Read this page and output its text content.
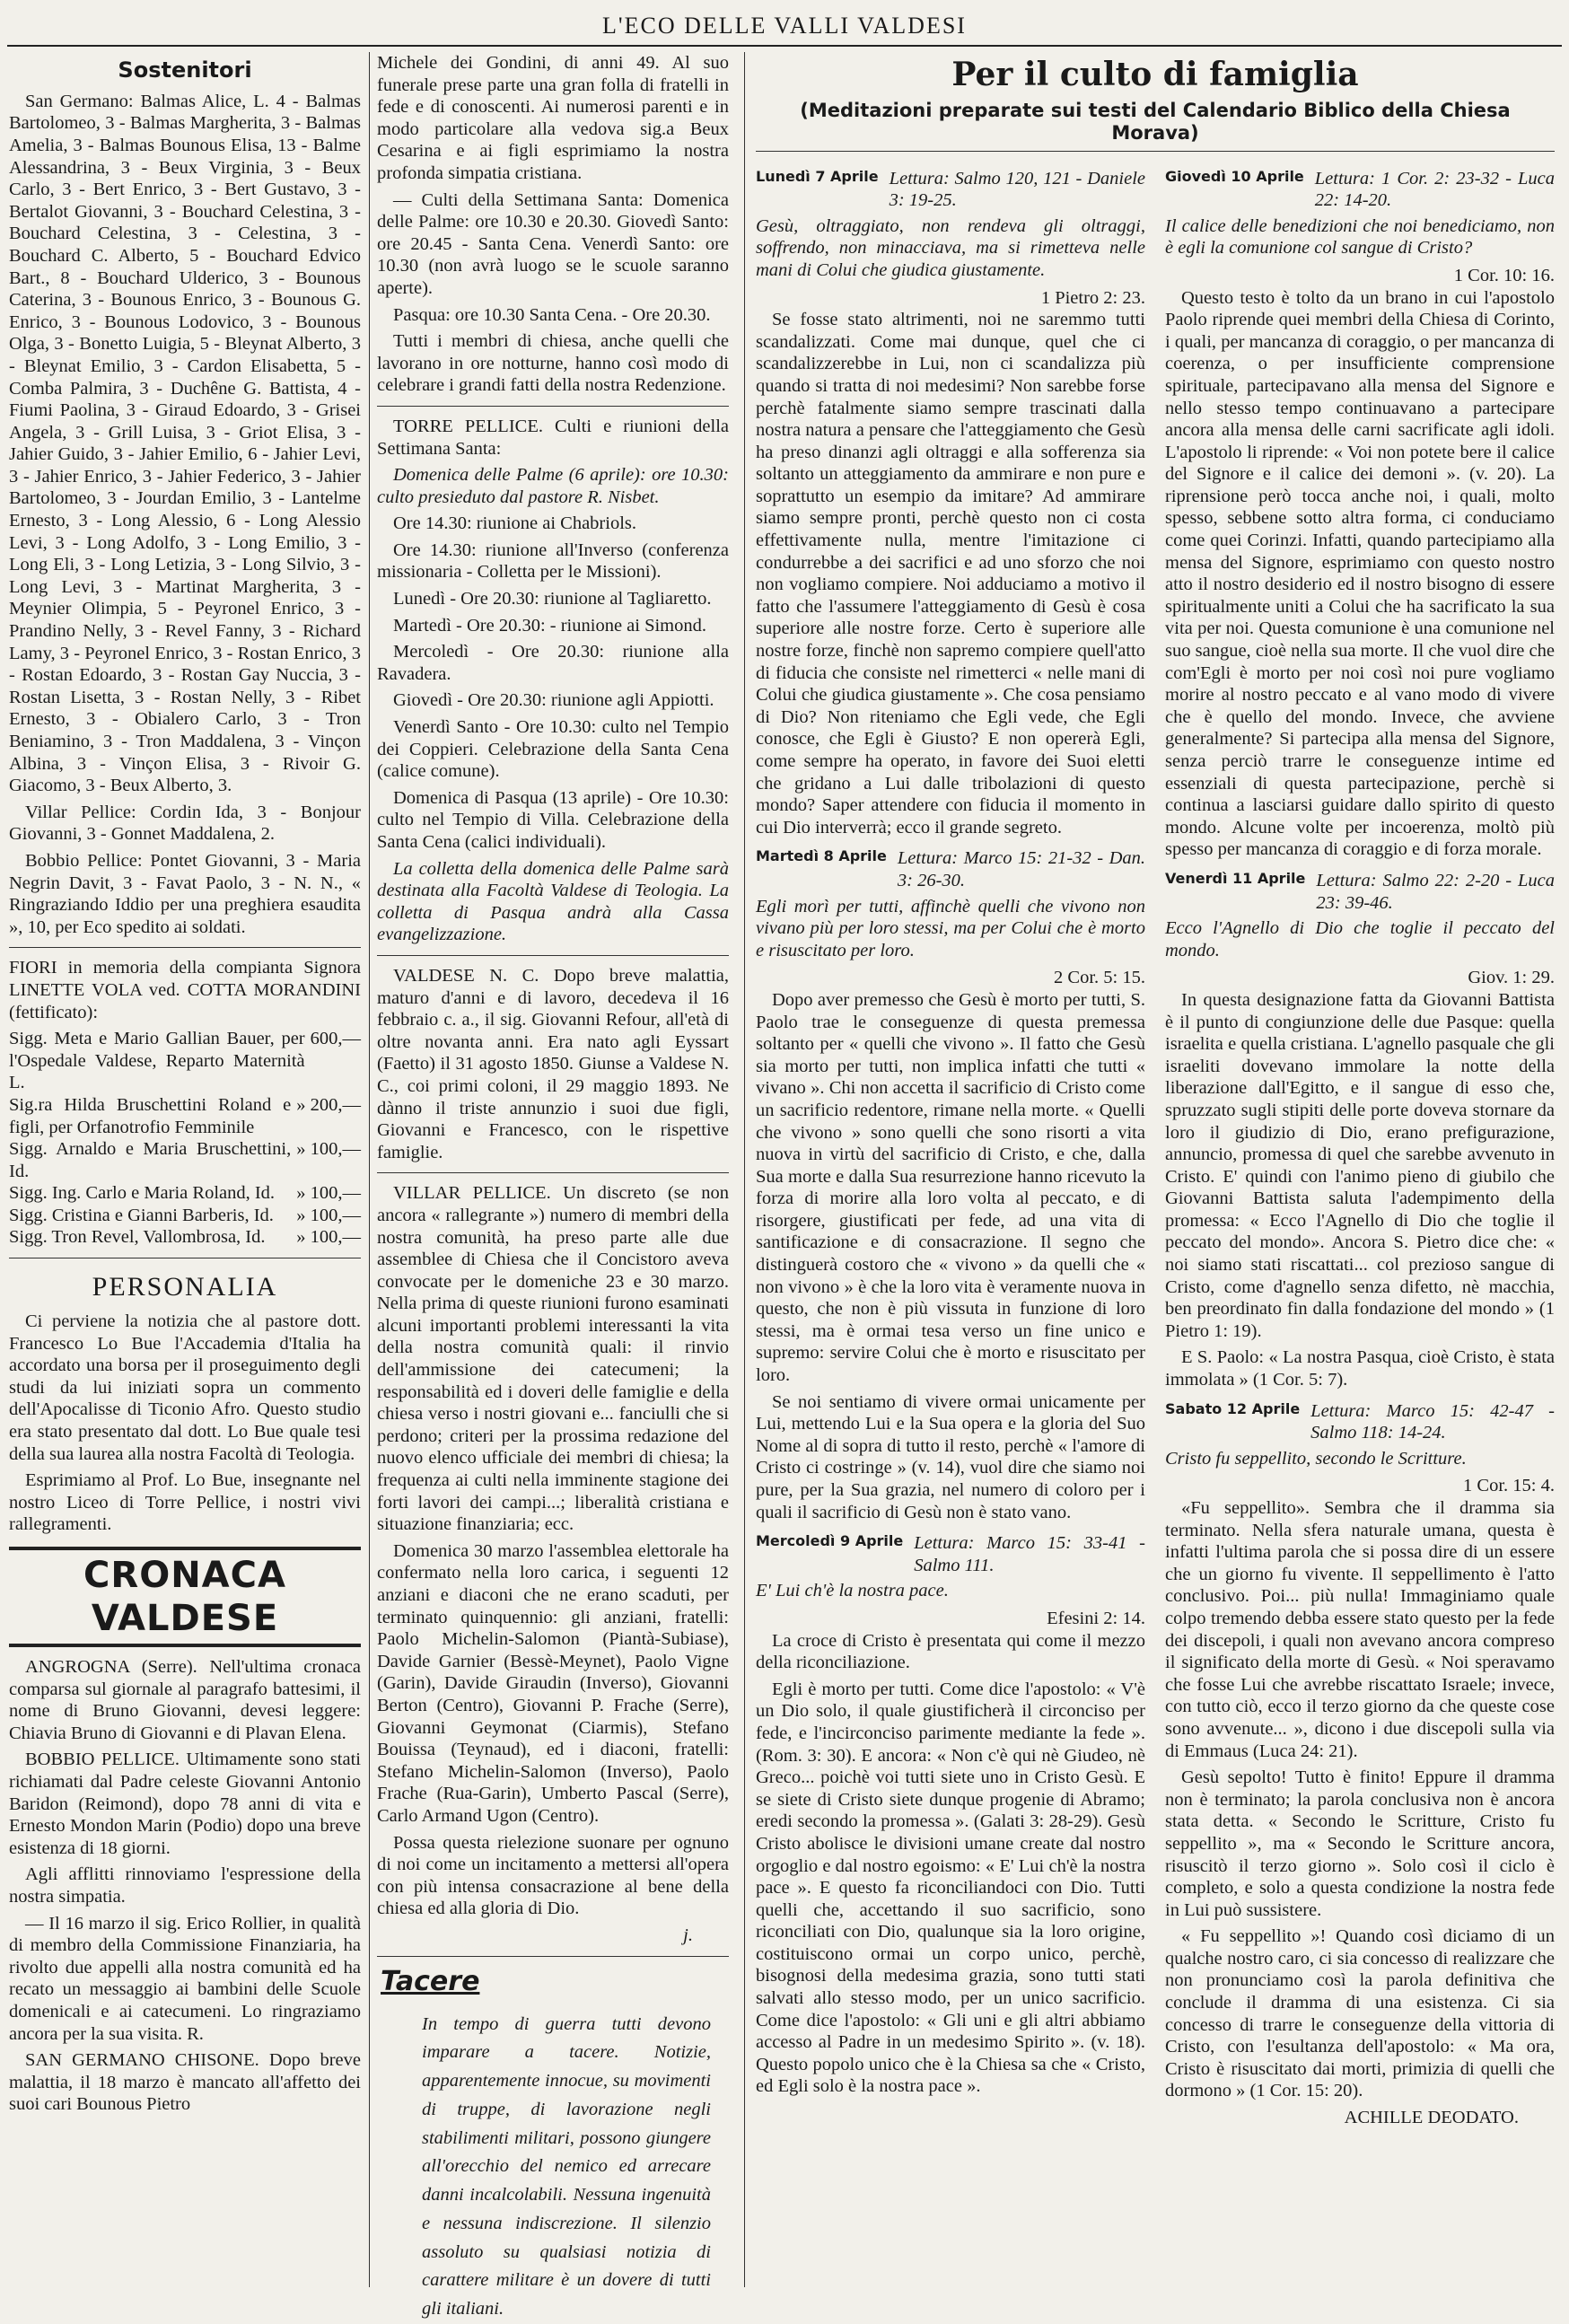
L'ECO DELLE VALLI VALDESI
Sostenitori

San Germano: Balmas Alice, L. 4 - Balmas Bartolomeo, 3 - Balmas Margherita, 3 - Balmas Amelia, 3 - Balmas Bounous Elisa, 13 - Balme Alessandrina, 3 - Beux Virginia, 3 - Beux Carlo, 3 - Bert Enrico, 3 - Bert Gustavo, 3 - Bertalot Giovanni, 3 - Bouchard Celestina, 3 - Bouchard Celestina, 3 - Celestina, 3 - Bouchard C. Alberto, 5 - Bouchard Edvico Bart., 8 - Bouchard Ulderico, 3 - Bounous Caterina, 3 - Bounous Enrico, 3 - Bounous G. Enrico, 3 - Bounous Lodovico, 3 - Bounous Olga, 3 - Bonetto Luigia, 5 - Bleynat Alberto, 3 - Bleynat Emilio, 3 - Cardon Elisabetta, 5 - Comba Palmira, 3 - Duchêne G. Battista, 4 - Fiumi Paolina, 3 - Giraud Edoardo, 3 - Grisei Angela, 3 - Grill Luisa, 3 - Griot Elisa, 3 - Jahier Guido, 3 - Jahier Emilio, 6 - Jahier Levi, 3 - Jahier Enrico, 3 - Jahier Federico, 3 - Jahier Bartolomeo, 3 - Jourdan Emilio, 3 - Lantelme Ernesto, 3 - Long Alessio, 6 - Long Alessio Levi, 3 - Long Adolfo, 3 - Long Emilio, 3 - Long Eli, 3 - Long Letizia, 3 - Long Silvio, 3 - Long Levi, 3 - Martinat Margherita, 3 - Meynier Olimpia, 5 - Peyronel Enrico, 3 - Prandino Nelly, 3 - Revel Fanny, 3 - Richard Lamy, 3 - Peyronel Enrico, 3 - Rostan Enrico, 3 - Rostan Edoardo, 3 - Rostan Gay Nuccia, 3 - Rostan Lisetta, 3 - Rostan Nelly, 3 - Ribet Ernesto, 3 - Obialero Carlo, 3 - Tron Beniamino, 3 - Tron Maddalena, 3 - Vinçon Albina, 3 - Vinçon Elisa, 3 - Rivoir G. Giacomo, 3 - Beux Alberto, 3.

Villar Pellice: Cordin Ida, 3 - Bonjour Giovanni, 3 - Gonnet Maddalena, 2.

Bobbio Pellice: Pontet Giovanni, 3 - Maria Negrin Davit, 3 - Favat Paolo, 3 - N. N., « Ringraziando Iddio per una preghiera esaudita », 10, per Eco spedito ai soldati.

FIORI in memoria della compianta Signora LINETTE VOLA ved. COTTA MORANDINI (fettificato):

Sigg. Meta e Mario Gallian Bauer, per l'Ospedale Valdese, Reparto Maternità L.
600,—
Sig.ra Hilda Bruschettini Roland e figli, per Orfanotrofio Femminile
» 200,—
Sigg. Arnaldo e Maria Bruschettini, Id.
» 100,—
Sigg. Ing. Carlo e Maria Roland, Id. » 100,—
Sigg. Cristina e Gianni Barberis, Id. » 100,—
Sigg. Tron Revel, Vallombrosa, Id. » 100,—
PERSONALIA

Ci perviene la notizia che al pastore dott. Francesco Lo Bue l'Accademia d'Italia ha accordato una borsa per il proseguimento degli studi da lui iniziati sopra un commento dell'Apocalisse di Ticonio Afro. Questo studio era stato presentato dal dott. Lo Bue quale tesi della sua laurea alla nostra Facoltà di Teologia.

Esprimiamo al Prof. Lo Bue, insegnante nel nostro Liceo di Torre Pellice, i nostri vivi rallegramenti.

CRONACA VALDESE

ANGROGNA (Serre). Nell'ultima cronaca comparsa sul giornale al paragrafo battesimi, il nome di Bruno Giovanni, devesi leggere: Chiavia Bruno di Giovanni e di Plavan Elena.

BOBBIO PELLICE. Ultimamente sono stati richiamati dal Padre celeste Giovanni Antonio Baridon (Reimond), dopo 78 anni di vita e Ernesto Mondon Marin (Podio) dopo una breve esistenza di 18 giorni.

Agli afflitti rinnoviamo l'espressione della nostra simpatia.

— Il 16 marzo il sig. Erico Rollier, in qualità di membro della Commissione Finanziaria, ha rivolto due appelli alla nostra comunità ed ha recato un messaggio ai bambini delle Scuole domenicali e ai catecumeni. Lo ringraziamo ancora per la sua visita. R.

SAN GERMANO CHISONE. Dopo breve malattia, il 18 marzo è mancato all'affetto dei suoi cari Bounous Pietro

Michele dei Gondini, di anni 49. Al suo funerale prese parte una gran folla di fratelli in fede e di conoscenti. Ai numerosi parenti e in modo particolare alla vedova sig.a Beux Cesarina e ai figli esprimiamo la nostra profonda simpatia cristiana.

— Culti della Settimana Santa: Domenica delle Palme: ore 10.30 e 20.30. Giovedì Santo: ore 20.45 - Santa Cena. Venerdì Santo: ore 10.30 (non avrà luogo se le scuole saranno aperte).

Pasqua: ore 10.30 Santa Cena. - Ore 20.30.

Tutti i membri di chiesa, anche quelli che lavorano in ore notturne, hanno così modo di celebrare i grandi fatti della nostra Redenzione.

TORRE PELLICE. Culti e riunioni della Settimana Santa:

Domenica delle Palme (6 aprile): ore 10.30: culto presieduto dal pastore R. Nisbet.

Ore 14.30: riunione ai Chabriols.

Ore 14.30: riunione all'Inverso (conferenza missionaria - Colletta per le Missioni).

Lunedì - Ore 20.30: riunione al Tagliaretto.

Martedì - Ore 20.30: - riunione ai Simond.

Mercoledì - Ore 20.30: riunione alla Ravadera.

Giovedì - Ore 20.30: riunione agli Appiotti.

Venerdì Santo - Ore 10.30: culto nel Tempio dei Coppieri. Celebrazione della Santa Cena (calice comune).

Domenica di Pasqua (13 aprile) - Ore 10.30: culto nel Tempio di Villa. Celebrazione della Santa Cena (calici individuali).

La colletta della domenica delle Palme sarà destinata alla Facoltà Valdese di Teologia. La colletta di Pasqua andrà alla Cassa evangelizzazione.

VALDESE N. C. Dopo breve malattia, maturo d'anni e di lavoro, decedeva il 16 febbraio c. a., il sig. Giovanni Refour, all'età di oltre novanta anni. Era nato agli Eyssart (Faetto) il 31 agosto 1850. Giunse a Valdese N. C., coi primi coloni, il 29 maggio 1893. Ne dànno il triste annunzio i suoi due figli, Giovanni e Francesco, con le rispettive famiglie.

VILLAR PELLICE. Un discreto (se non ancora « rallegrante ») numero di membri della nostra comunità, ha preso parte alle due assemblee di Chiesa che il Concistoro aveva convocate per le domeniche 23 e 30 marzo. Nella prima di queste riunioni furono esaminati alcuni importanti problemi interessanti la vita della nostra comunità quali: il rinvio dell'ammissione dei catecumeni; la responsabilità ed i doveri delle famiglie e della chiesa verso i nostri giovani e... fanciulli che si perdono; criteri per la prossima redazione del nuovo elenco ufficiale dei membri di chiesa; la frequenza ai culti nella imminente stagione dei forti lavori dei campi...; liberalità cristiana e situazione finanziaria; ecc.

Domenica 30 marzo l'assemblea elettorale ha confermato nella loro carica, i seguenti 12 anziani e diaconi che ne erano scaduti, per terminato quinquennio: gli anziani, fratelli: Paolo Michelin-Salomon (Piantà-Subiase), Davide Garnier (Bessè-Meynet), Paolo Vigne (Garin), Davide Giraudin (Inverso), Giovanni Berton (Centro), Giovanni P. Frache (Serre), Giovanni Geymonat (Ciarmis), Stefano Bouissa (Teynaud), ed i diaconi, fratelli: Stefano Michelin-Salomon (Inverso), Paolo Frache (Rua-Garin), Umberto Pascal (Serre), Carlo Armand Ugon (Centro).

Possa questa rielezione suonare per ognuno di noi come un incitamento a mettersi all'opera con più intensa consacrazione al bene della chiesa ed alla gloria di Dio.

j.

Tacere
In tempo di guerra tutti devono imparare a tacere. Notizie, apparentemente innocue, su movimenti di truppe, di lavorazione negli stabilimenti militari, possono giungere all'orecchio del nemico ed arrecare danni incalcolabili. Nessuna ingenuità e nessuna indiscrezione. Il silenzio assoluto su qualsiasi notizia di carattere militare è un dovere di tutti gli italiani.
Per il culto di famiglia
(Meditazioni preparate sui testi del Calendario Biblico della Chiesa Morava)
Lunedì 7 Aprile Lettura: Salmo 120, 121 - Daniele 3: 19-25.
Gesù, oltraggiato, non rendeva gli oltraggi, soffrendo, non minacciava, ma si rimetteva nelle mani di Colui che giudica giustamente.
1 Pietro 2: 23.

Se fosse stato altrimenti, noi ne saremmo tutti scandalizzati. Come mai dunque, quel che ci scandalizzerebbe in Lui, non ci scandalizza più quando si tratta di noi medesimi? Non sarebbe forse perchè fatalmente siamo sempre trascinati dalla nostra natura a pensare che l'atteggiamento che Gesù ha preso dinanzi agli oltraggi e alla sofferenza sia soltanto un atteggiamento da ammirare e non pure e soprattutto un esempio da imitare? Ad ammirare siamo sempre pronti, perchè questo non ci costa effettivamente nulla, mentre l'imitazione ci condurrebbe a dei sacrifici e ad uno sforzo che noi non vogliamo compiere. Noi adduciamo a motivo il fatto che l'assumere l'atteggiamento di Gesù è cosa superiore alle nostre forze. Certo è superiore alle nostre forze, finchè non sapremo compiere quell'atto di fiducia che consiste nel rimetterci « nelle mani di Colui che giudica giustamente ». Che cosa pensiamo di Dio? Non riteniamo che Egli vede, che Egli conosce, che Egli è Giusto? E non opererà Egli, come sempre ha operato, in favore dei Suoi eletti che gridano a Lui dalle tribolazioni di questo mondo? Saper attendere con fiducia il momento in cui Dio interverrà; ecco il grande segreto.

Martedì 8 Aprile Lettura: Marco 15: 21-32 - Dan. 3: 26-30.
Egli morì per tutti, affinchè quelli che vivono non vivano più per loro stessi, ma per Colui che è morto e risuscitato per loro.
2 Cor. 5: 15.

Dopo aver premesso che Gesù è morto per tutti, S. Paolo trae le conseguenze di questa premessa soltanto per « quelli che vivono ». Il fatto che Gesù sia morto per tutti, non implica infatti che tutti « vivano ». Chi non accetta il sacrificio di Cristo come un sacrificio redentore, rimane nella morte. « Quelli che vivono » sono quelli che sono risorti a vita nuova in virtù del sacrificio di Cristo, e che, dalla Sua morte e dalla Sua resurrezione hanno ricevuto la forza di morire alla loro volta al peccato, e di risorgere, giustificati per fede, ad una vita di santificazione e di consacrazione. Il segno che distinguerà costoro che « vivono » da quelli che « non vivono » è che la loro vita è veramente nuova in questo, che non è più vissuta in funzione di loro stessi, ma è ormai tesa verso un fine unico e supremo: servire Colui che è morto e risuscitato per loro.

Se noi sentiamo di vivere ormai unicamente per Lui, mettendo Lui e la Sua opera e la gloria del Suo Nome al di sopra di tutto il resto, perchè « l'amore di Cristo ci costringe » (v. 14), vuol dire che siamo noi pure, per la Sua grazia, nel numero di coloro per i quali il sacrificio di Gesù non è stato vano.

Mercoledì 9 Aprile Lettura: Marco 15: 33-41 - Salmo 111.
E' Lui ch'è la nostra pace.
Efesini 2: 14.

La croce di Cristo è presentata qui come il mezzo della riconciliazione.

Egli è morto per tutti. Come dice l'apostolo: « V'è un Dio solo, il quale giustificherà il circonciso per fede, e l'incirconciso parimente mediante la fede ». (Rom. 3: 30). E ancora: « Non c'è qui nè Giudeo, nè Greco... poichè voi tutti siete uno in Cristo Gesù. E se siete di Cristo siete dunque progenie di Abramo; eredi secondo la promessa ». (Galati 3: 28-29). Gesù Cristo abolisce le divisioni umane create dal nostro orgoglio e dal nostro egoismo: « E' Lui ch'è la nostra pace ». E questo fa riconciliandoci con Dio. Tutti quelli che, accettando il suo sacrificio, sono riconciliati con Dio, qualunque sia la loro origine, costituiscono ormai un corpo unico, perchè, bisognosi della medesima grazia, sono tutti stati salvati allo stesso modo, per un unico sacrificio. Come dice l'apostolo: « Gli uni e gli altri abbiamo accesso al Padre in un medesimo Spirito ». (v. 18). Questo popolo unico che è la Chiesa sa che « Cristo, ed Egli solo è la nostra pace ».

Giovedì 10 Aprile Lettura: 1 Cor. 2: 23-32 - Luca 22: 14-20.
Il calice delle benedizioni che noi benediciamo, non è egli la comunione col sangue di Cristo?
1 Cor. 10: 16.

Questo testo è tolto da un brano in cui l'apostolo Paolo riprende quei membri della Chiesa di Corinto, i quali, per mancanza di coraggio, o per mancanza di coerenza, o per insufficiente comprensione spirituale, partecipavano alla mensa del Signore e nello stesso tempo continuavano a partecipare ancora alla mensa delle carni sacrificate agli idoli. L'apostolo li riprende: « Voi non potete bere il calice del Signore e il calice dei demoni ». (v. 20). La riprensione però tocca anche noi, i quali, molto spesso, sebbene sotto altra forma, ci conduciamo come quei Corinzi. Infatti, quando partecipiamo alla mensa del Signore, esprimiamo con questo nostro atto il nostro desiderio ed il nostro bisogno di essere spiritualmente uniti a Colui che ha sacrificato la sua vita per noi. Questa comunione è una comunione nel suo sangue, cioè nella sua morte. Il che vuol dire che com'Egli è morto per noi così noi pure vogliamo morire al nostro peccato e al vano modo di vivere che è quello del mondo. Invece, che avviene generalmente? Si partecipa alla mensa del Signore, senza perciò trarre le conseguenze intime ed essenziali di questa partecipazione, perchè si continua a lasciarsi guidare dallo spirito di questo mondo. Alcune volte per incoerenza, moltò più spesso per mancanza di coraggio e di forza morale.

Venerdì 11 Aprile Lettura: Salmo 22: 2-20 - Luca 23: 39-46.
Ecco l'Agnello di Dio che toglie il peccato del mondo.
Giov. 1: 29.

In questa designazione fatta da Giovanni Battista è il punto di congiunzione delle due Pasque: quella israelita e quella cristiana. L'agnello pasquale che gli israeliti dovevano immolare la notte della liberazione dall'Egitto, e il sangue di esso che, spruzzato sugli stipiti delle porte doveva stornare da loro il giudizio di Dio, erano prefigurazione, annuncio, promessa di quel che sarebbe avvenuto in Cristo. E' quindi con l'animo pieno di giubilo che Giovanni Battista saluta l'adempimento della promessa: « Ecco l'Agnello di Dio che toglie il peccato del mondo». Ancora S. Pietro dice che: « noi siamo stati riscattati... col prezioso sangue di Cristo, come d'agnello senza difetto, nè macchia, ben preordinato fin dalla fondazione del mondo » (1 Pietro 1: 19).

E S. Paolo: « La nostra Pasqua, cioè Cristo, è stata immolata » (1 Cor. 5: 7).

Sabato 12 Aprile Lettura: Marco 15: 42-47 - Salmo 118: 14-24.
Cristo fu seppellito, secondo le Scritture.
1 Cor. 15: 4.

«Fu seppellito». Sembra che il dramma sia terminato. Nella sfera naturale umana, questa è infatti l'ultima parola che si possa dire di un essere che un giorno fu vivente. Il seppellimento è l'atto conclusivo. Poi... più nulla! Immaginiamo quale colpo tremendo debba essere stato questo per la fede dei discepoli, i quali non avevano ancora compreso il significato della morte di Gesù. « Noi speravamo che fosse Lui che avrebbe riscattato Israele; invece, con tutto ciò, ecco il terzo giorno da che queste cose sono avvenute... », dicono i due discepoli sulla via di Emmaus (Luca 24: 21).

Gesù sepolto! Tutto è finito! Eppure il dramma non è terminato; la parola conclusiva non è ancora stata detta. « Secondo le Scritture, Cristo fu seppellito », ma « Secondo le Scritture ancora, risuscitò il terzo giorno ». Solo così il ciclo è completo, e solo a questa condizione la nostra fede in Lui può sussistere.

« Fu seppellito »! Quando così diciamo di un qualche nostro caro, ci sia concesso di realizzare che non pronunciamo così la parola definitiva che conclude il dramma di una esistenza. Ci sia concesso di trarre le conseguenze della vittoria di Cristo, con l'esultanza dell'apostolo: « Ma ora, Cristo è risuscitato dai morti, primizia di quelli che dormono » (1 Cor. 15: 20).

ACHILLE DEODATO.
